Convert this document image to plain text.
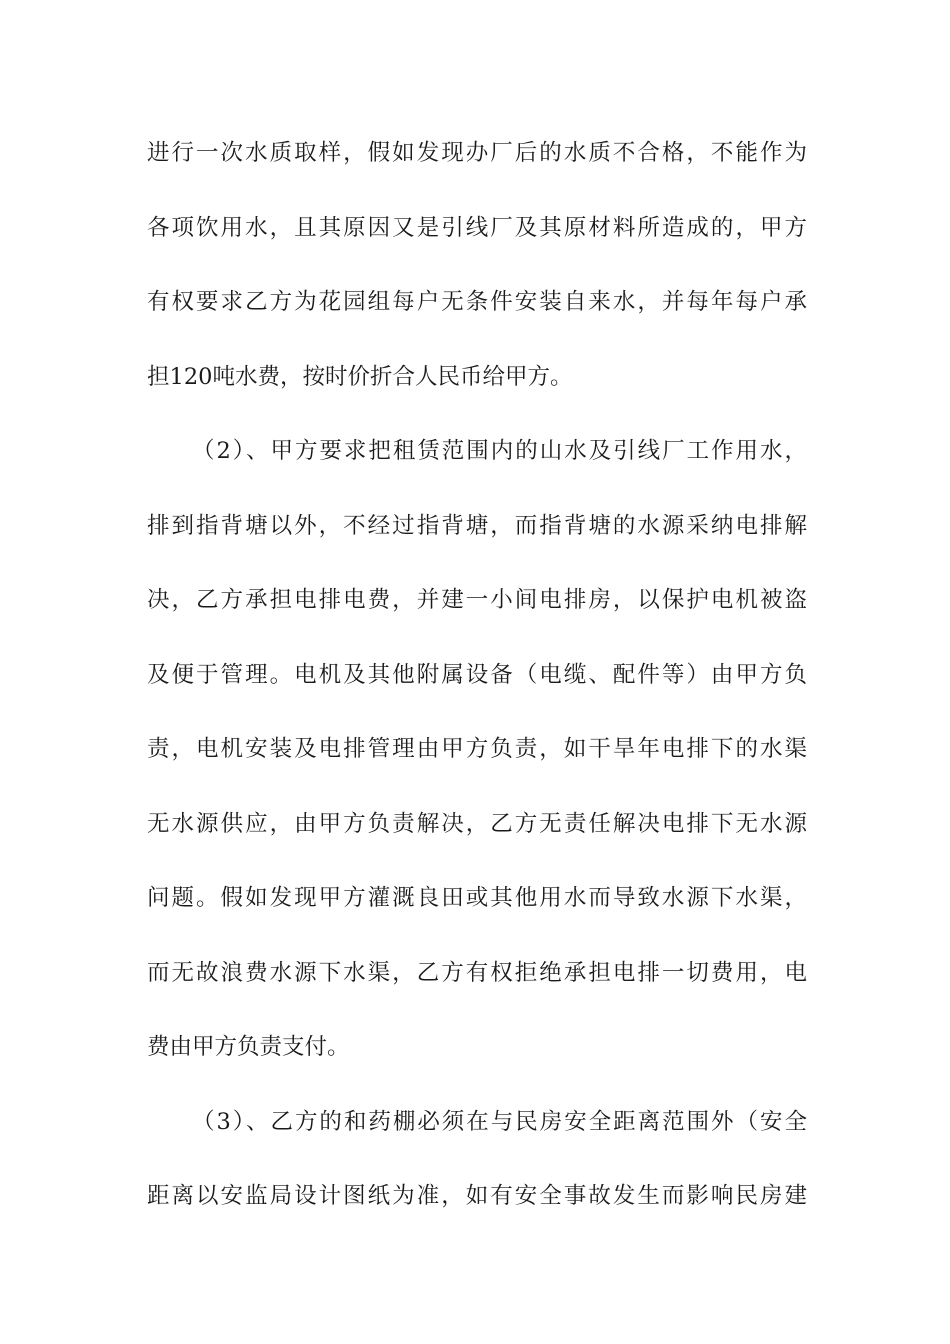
进行一次水质取样，假如发现办厂后的水质不合格，不能作为
各项饮用水，且其原因又是引线厂及其原材料所造成的，甲方
有权要求乙方为花园组每户无条件安装自来水，并每年每户承
担120吨水费，按时价折合人民币给甲方。
（2）、甲方要求把租赁范围内的山水及引线厂工作用水，
排到指背塘以外，不经过指背塘，而指背塘的水源采纳电排解
决，乙方承担电排电费，并建一小间电排房，以保护电机被盗
及便于管理。电机及其他附属设备（电缆、配件等）由甲方负
责，电机安装及电排管理由甲方负责，如干旱年电排下的水渠
无水源供应，由甲方负责解决，乙方无责任解决电排下无水源
问题。假如发现甲方灌溉良田或其他用水而导致水源下水渠，
而无故浪费水源下水渠，乙方有权拒绝承担电排一切费用，电
费由甲方负责支付。
（3）、乙方的和药棚必须在与民房安全距离范围外（安全
距离以安监局设计图纸为准，如有安全事故发生而影响民房建
